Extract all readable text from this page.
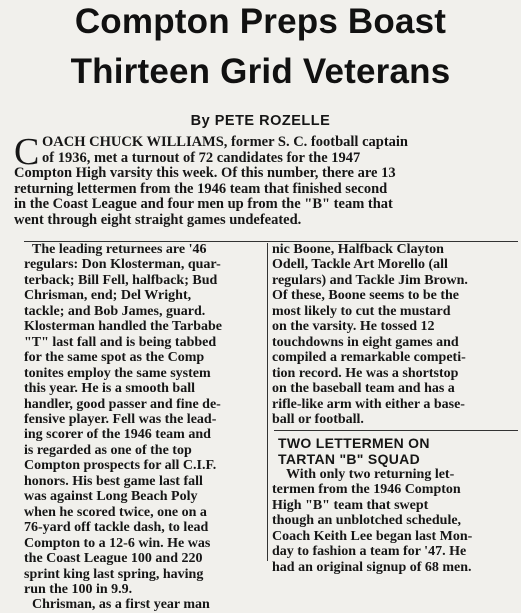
Compton Preps Boast
Thirteen Grid Veterans
By PETE ROZELLE
C OACH CHUCK WILLIAMS, former S. C. football captain
of 1936, met a turnout of 72 candidates for the 1947
Compton High varsity this week. Of this number, there are 13
returning lettermen from the 1946 team that finished second
in the Coast League and four men up from the "B" team that
went through eight straight games undefeated.
The leading returnees are '46
regulars: Don Klosterman, quar-
terback; Bill Fell, halfback; Bud
Chrisman, end; Del Wright,
tackle; and Bob James, guard.
Klosterman handled the Tarbabe
"T" last fall and is being tabbed
for the same spot as the Comp
tonites employ the same system
this year. He is a smooth ball
handler, good passer and fine de-
fensive player. Fell was the lead-
ing scorer of the 1946 team and
is regarded as one of the top
Compton prospects for all C.I.F.
honors. His best game last fall
was against Long Beach Poly
when he scored twice, one on a
76-yard off tackle dash, to lead
Compton to a 12-6 win. He was
the Coast League 100 and 220
sprint king last spring, having
run the 100 in 9.9.
Chrisman, as a first year man
nic Boone, Halfback Clayton
Odell, Tackle Art Morello (all
regulars) and Tackle Jim Brown.
Of these, Boone seems to be the
most likely to cut the mustard
on the varsity. He tossed 12
touchdowns in eight games and
compiled a remarkable competi-
tion record. He was a shortstop
on the baseball team and has a
rifle-like arm with either a base-
ball or football.
TWO LETTERMEN ON
TARTAN "B" SQUAD
With only two returning let-
termen from the 1946 Compton
High "B" team that swept
though an unblotched schedule,
Coach Keith Lee began last Mon-
day to fashion a team for '47. He
had an original signup of 68 men.
